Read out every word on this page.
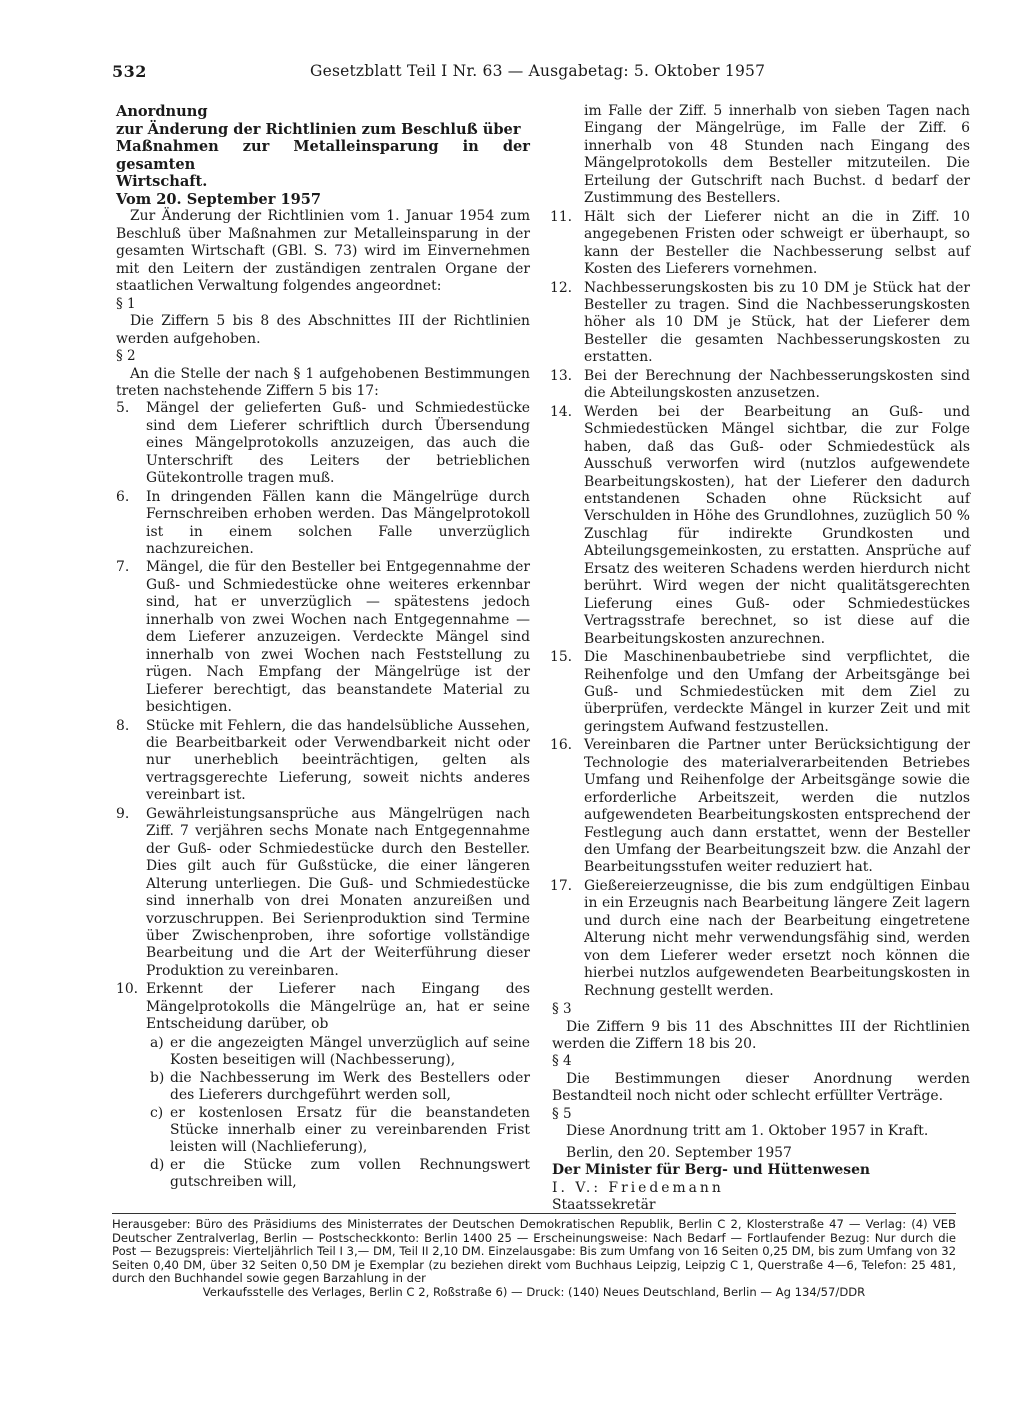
532	Gesetzblatt Teil I Nr. 63 — Ausgabetag: 5. Oktober 1957

Anordnung

zur Änderung der Richtlinien zum Beschluß über

Maßnahmen zur Metalleinsparung in der gesamten

Wirtschaft.

Vom 20. September 1957

Zur Änderung der Richtlinien vom 1. Januar 1954 zum Beschluß über Maßnahmen zur Metalleinsparung in der gesamten Wirtschaft (GBl. S. 73) wird im Einvernehmen mit den Leitern der zuständigen zentralen Organe der staatlichen Verwaltung folgendes angeordnet:

§ 1

Die Ziffern 5 bis 8 des Abschnittes III der Richtlinien werden aufgehoben.

§ 2

An die Stelle der nach § 1 aufgehobenen Bestimmungen treten nachstehende Ziffern 5 bis 17:

5. Mängel der gelieferten Guß- und Schmiedestücke sind dem Lieferer schriftlich durch Übersendung eines Mängelprotokolls anzuzeigen, das auch die Unterschrift des Leiters der betrieblichen Gütekontrolle tragen muß.

6. In dringenden Fällen kann die Mängelrüge durch Fernschreiben erhoben werden. Das Mängelprotokoll ist in einem solchen Falle unverzüglich nachzureichen.

7. Mängel, die für den Besteller bei Entgegennahme der Guß- und Schmiedestücke ohne weiteres erkennbar sind, hat er unverzüglich — spätestens jedoch innerhalb von zwei Wochen nach Entgegennahme — dem Lieferer anzuzeigen. Verdeckte Mängel sind innerhalb von zwei Wochen nach Feststellung zu rügen. Nach Empfang der Mängelrüge ist der Lieferer berechtigt, das beanstandete Material zu besichtigen.

8. Stücke mit Fehlern, die das handelsübliche Aussehen, die Bearbeitbarkeit oder Verwendbarkeit nicht oder nur unerheblich beeinträchtigen, gelten als vertragsgerechte Lieferung, soweit nichts anderes vereinbart ist.

9. Gewährleistungsansprüche aus Mängelrügen nach Ziff. 7 verjähren sechs Monate nach Entgegennahme der Guß- oder Schmiedestücke durch den Besteller. Dies gilt auch für Gußstücke, die einer längeren Alterung unterliegen. Die Guß- und Schmiedestücke sind innerhalb von drei Monaten anzureißen und vorzuschruppen. Bei Serienproduktion sind Termine über Zwischenproben, ihre sofortige vollständige Bearbeitung und die Art der Weiterführung dieser Produktion zu vereinbaren.

10. Erkennt der Lieferer nach Eingang des Mängelprotokolls die Mängelrüge an, hat er seine Entscheidung darüber, ob

a) er die angezeigten Mängel unverzüglich auf seine Kosten beseitigen will (Nachbesserung),

b) die Nachbesserung im Werk des Bestellers oder des Lieferers durchgeführt werden soll,

c) er kostenlosen Ersatz für die beanstandeten Stücke innerhalb einer zu vereinbarenden Frist leisten will (Nachlieferung),

d) er die Stücke zum vollen Rechnungswert gutschreiben will,

im Falle der Ziff. 5 innerhalb von sieben Tagen nach Eingang der Mängelrüge, im Falle der Ziff. 6 innerhalb von 48 Stunden nach Eingang des Mängelprotokolls dem Besteller mitzuteilen. Die Erteilung der Gutschrift nach Buchst. d bedarf der Zustimmung des Bestellers.

11. Hält sich der Lieferer nicht an die in Ziff. 10 angegebenen Fristen oder schweigt er überhaupt, so kann der Besteller die Nachbesserung selbst auf Kosten des Lieferers vornehmen.

12. Nachbesserungskosten bis zu 10 DM je Stück hat der Besteller zu tragen. Sind die Nachbesserungskosten höher als 10 DM je Stück, hat der Lieferer dem Besteller die gesamten Nachbesserungskosten zu erstatten.

13. Bei der Berechnung der Nachbesserungskosten sind die Abteilungskosten anzusetzen.

14. Werden bei der Bearbeitung an Guß- und Schmiedestücken Mängel sichtbar, die zur Folge haben, daß das Guß- oder Schmiedestück als Ausschuß verworfen wird (nutzlos aufgewendete Bearbeitungskosten), hat der Lieferer den dadurch entstandenen Schaden ohne Rücksicht auf Verschulden in Höhe des Grundlohnes, zuzüglich 50 % Zuschlag für indirekte Grundkosten und Abteilungsgemeinkosten, zu erstatten. Ansprüche auf Ersatz des weiteren Schadens werden hierdurch nicht berührt. Wird wegen der nicht qualitätsgerechten Lieferung eines Guß- oder Schmiedestückes Vertragsstrafe berechnet, so ist diese auf die Bearbeitungskosten anzurechnen.

15. Die Maschinenbaubetriebe sind verpflichtet, die Reihenfolge und den Umfang der Arbeitsgänge bei Guß- und Schmiedestücken mit dem Ziel zu überprüfen, verdeckte Mängel in kurzer Zeit und mit geringstem Aufwand festzustellen.

16. Vereinbaren die Partner unter Berücksichtigung der Technologie des materialverarbeitenden Betriebes Umfang und Reihenfolge der Arbeitsgänge sowie die erforderliche Arbeitszeit, werden die nutzlos aufgewendeten Bearbeitungskosten entsprechend der Festlegung auch dann erstattet, wenn der Besteller den Umfang der Bearbeitungszeit bzw. die Anzahl der Bearbeitungsstufen weiter reduziert hat.

17. Gießereierzeugnisse, die bis zum endgültigen Einbau in ein Erzeugnis nach Bearbeitung längere Zeit lagern und durch eine nach der Bearbeitung eingetretene Alterung nicht mehr verwendungsfähig sind, werden von dem Lieferer weder ersetzt noch können die hierbei nutzlos aufgewendeten Bearbeitungskosten in Rechnung gestellt werden.

§ 3

Die Ziffern 9 bis 11 des Abschnittes III der Richtlinien werden die Ziffern 18 bis 20.

§ 4

Die Bestimmungen dieser Anordnung werden Bestandteil noch nicht oder schlecht erfüllter Verträge.

§ 5

Diese Anordnung tritt am 1. Oktober 1957 in Kraft.

Berlin, den 20. September 1957

Der Minister für Berg- und Hüttenwesen

I. V.: Friedemann

Staatssekretär

Herausgeber: Büro des Präsidiums des Ministerrates der Deutschen Demokratischen Republik, Berlin C 2, Klosterstraße 47 — Verlag: (4) VEB Deutscher Zentralverlag, Berlin — Postscheckkonto: Berlin 1400 25 — Erscheinungsweise: Nach Bedarf — Fortlaufender Bezug: Nur durch die Post — Bezugspreis: Vierteljährlich Teil I 3,— DM, Teil II 2,10 DM. Einzelausgabe: Bis zum Umfang von 16 Seiten 0,25 DM, bis zum Umfang von 32 Seiten 0,40 DM, über 32 Seiten 0,50 DM je Exemplar (zu beziehen direkt vom Buchhaus Leipzig, Leipzig C 1, Querstraße 4—6, Telefon: 25 481, durch den Buchhandel sowie gegen Barzahlung in der

Verkaufsstelle des Verlages, Berlin C 2, Roßstraße 6) — Druck: (140) Neues Deutschland, Berlin — Ag 134/57/DDR
